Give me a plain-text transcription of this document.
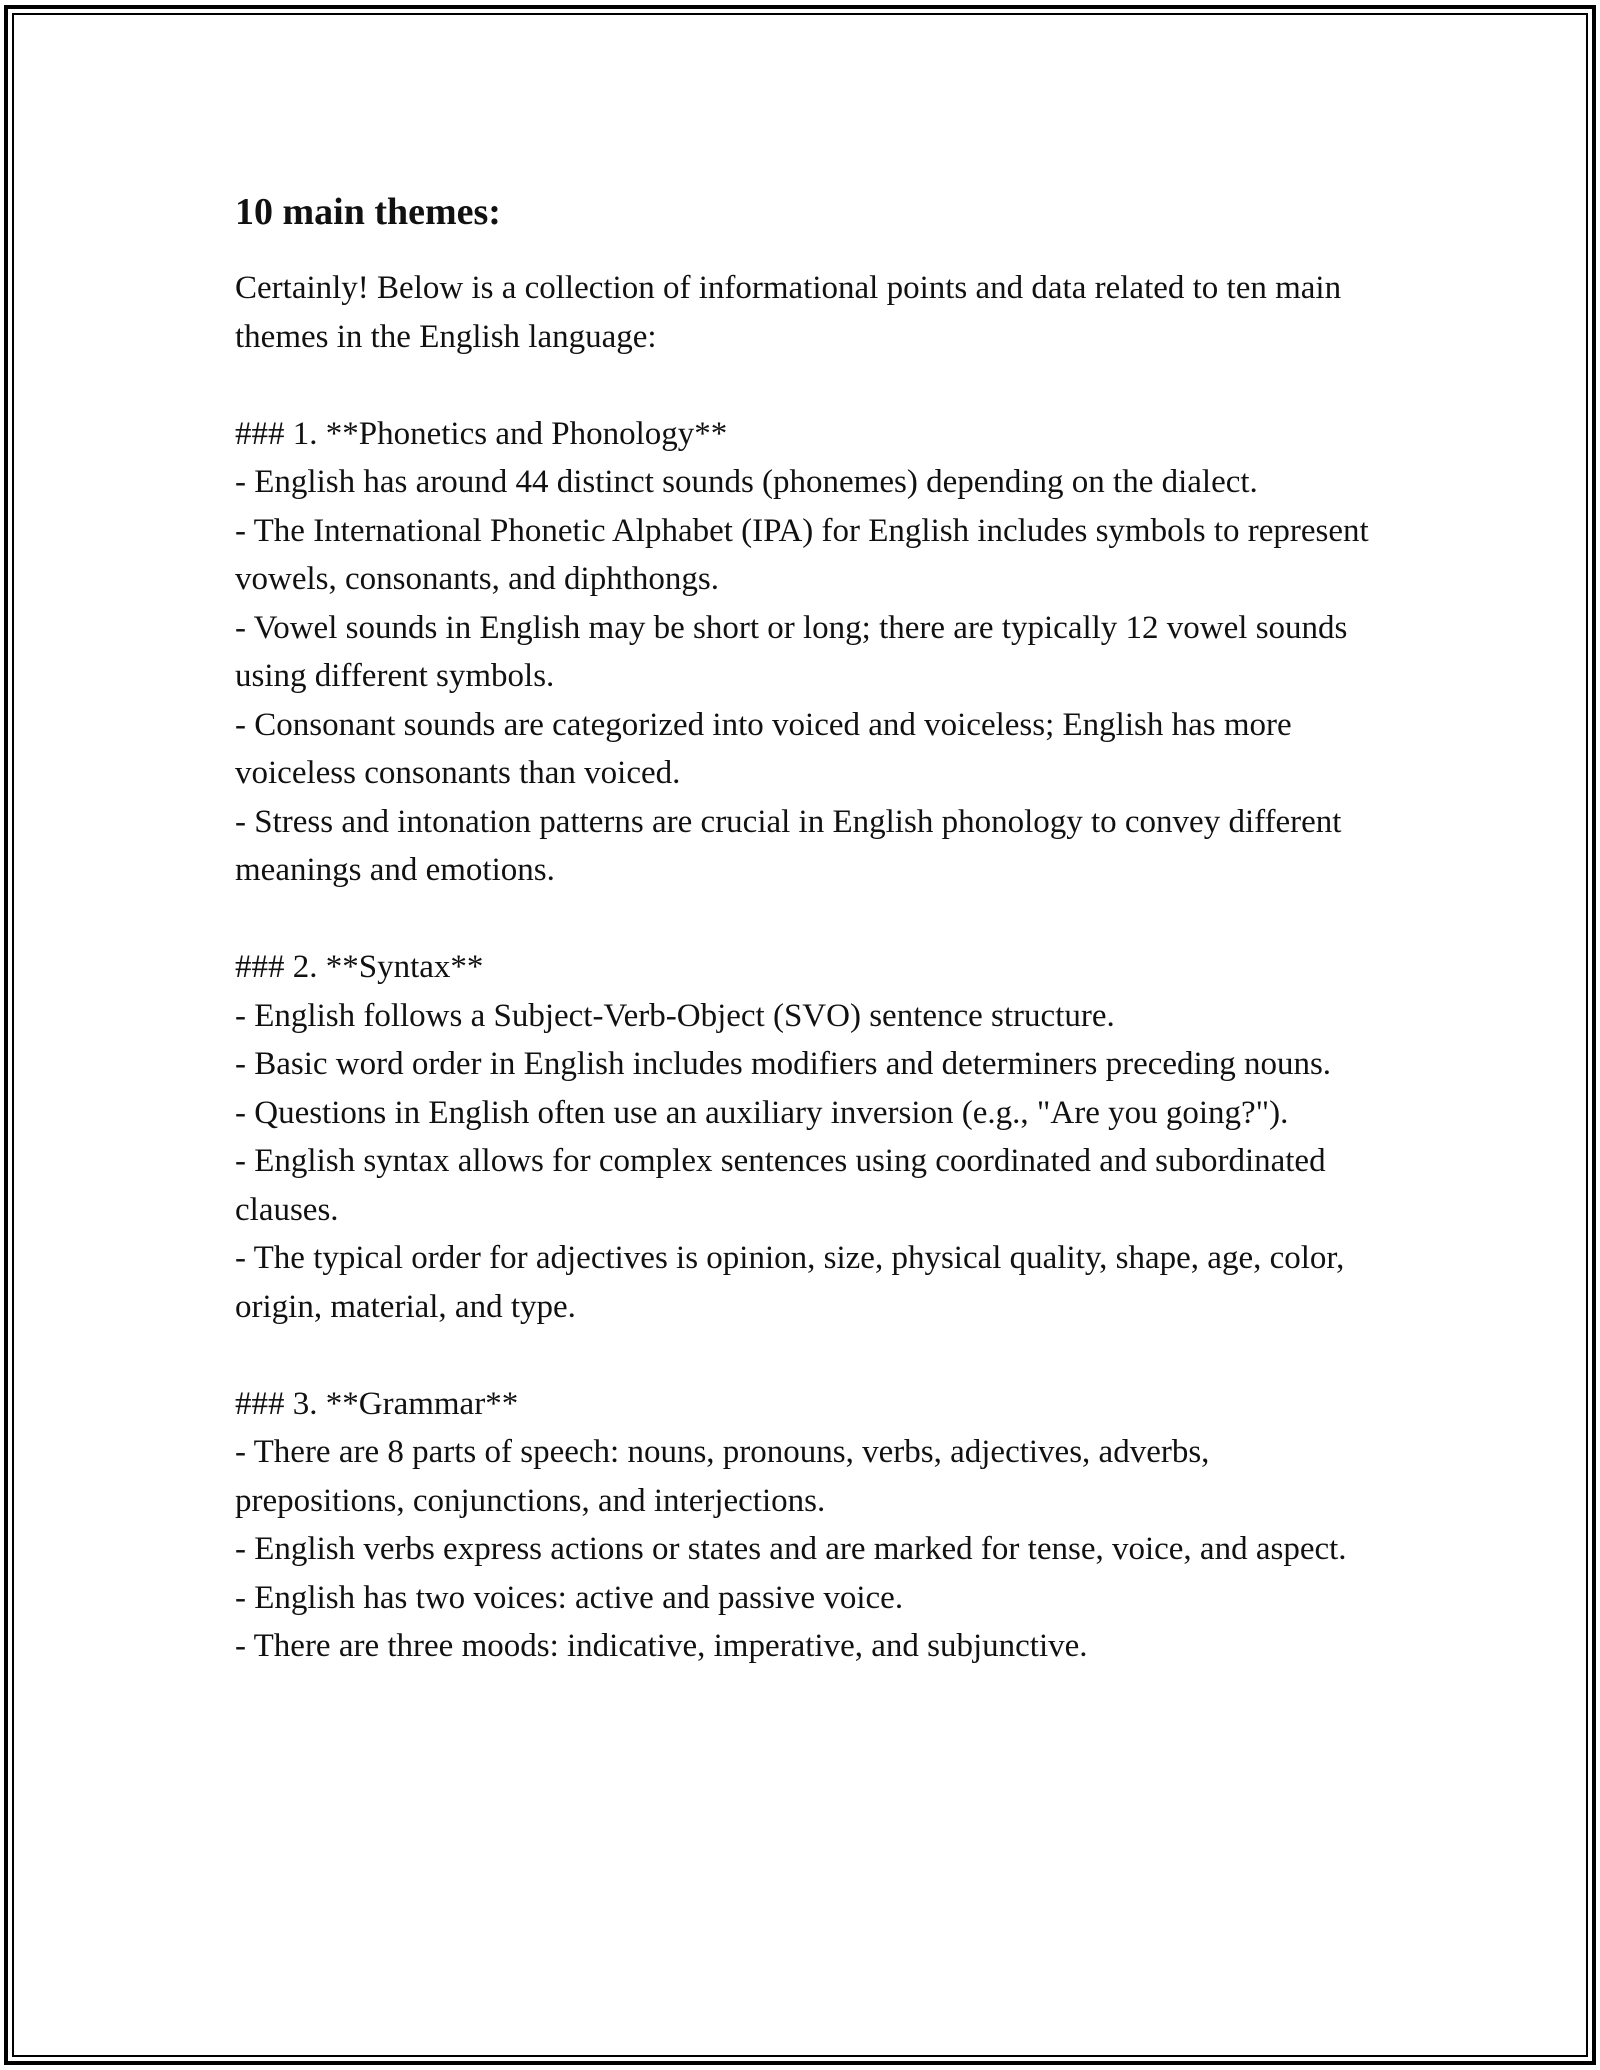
10 main themes:

Certainly! Below is a collection of informational points and data related to ten main themes in the English language:

### 1. **Phonetics and Phonology**

- English has around 44 distinct sounds (phonemes) depending on the dialect.

- The International Phonetic Alphabet (IPA) for English includes symbols to represent vowels, consonants, and diphthongs.

- Vowel sounds in English may be short or long; there are typically 12 vowel sounds using different symbols.

- Consonant sounds are categorized into voiced and voiceless; English has more voiceless consonants than voiced.

- Stress and intonation patterns are crucial in English phonology to convey different meanings and emotions.

### 2. **Syntax**

- English follows a Subject-Verb-Object (SVO) sentence structure.

- Basic word order in English includes modifiers and determiners preceding nouns.

- Questions in English often use an auxiliary inversion (e.g., "Are you going?").

- English syntax allows for complex sentences using coordinated and subordinated clauses.

- The typical order for adjectives is opinion, size, physical quality, shape, age, color, origin, material, and type.

### 3. **Grammar**

- There are 8 parts of speech: nouns, pronouns, verbs, adjectives, adverbs, prepositions, conjunctions, and interjections.

- English verbs express actions or states and are marked for tense, voice, and aspect.

- English has two voices: active and passive voice.

- There are three moods: indicative, imperative, and subjunctive.
